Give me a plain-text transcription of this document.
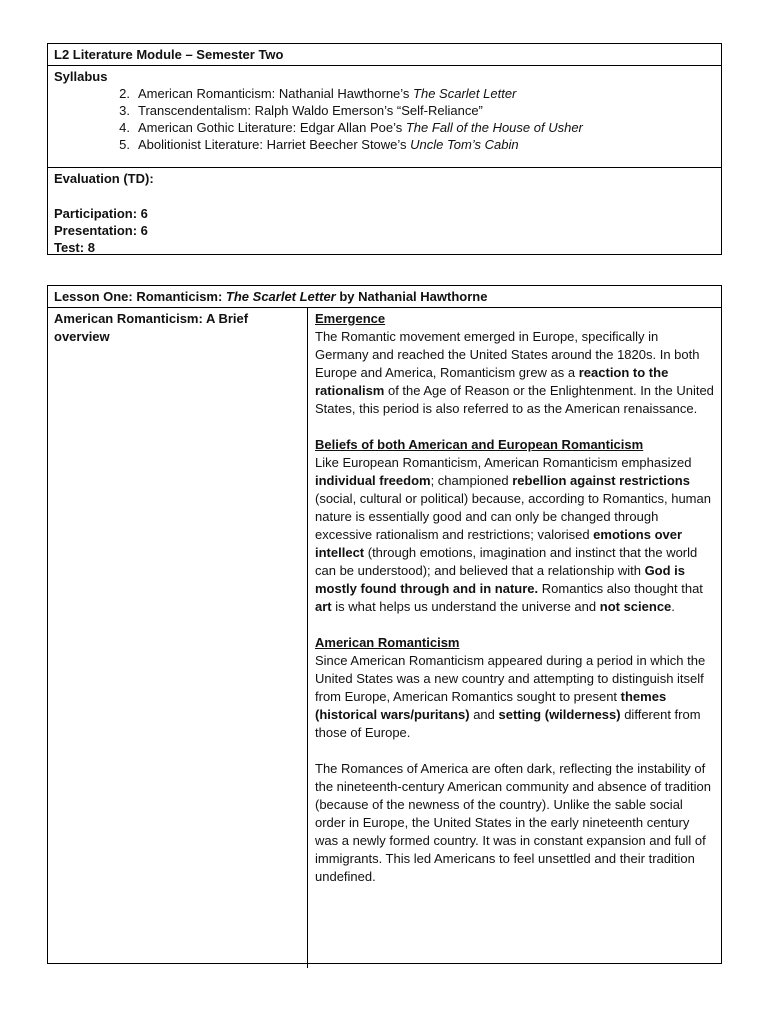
L2 Literature Module – Semester Two
Syllabus
2. American Romanticism: Nathanial Hawthorne’s The Scarlet Letter
3. Transcendentalism: Ralph Waldo Emerson’s “Self-Reliance”
4. American Gothic Literature: Edgar Allan Poe’s The Fall of the House of Usher
5. Abolitionist Literature: Harriet Beecher Stowe’s Uncle Tom’s Cabin
Evaluation (TD):
Participation: 6
Presentation: 6
Test: 8
Lesson One: Romanticism: The Scarlet Letter by Nathanial Hawthorne
American Romanticism: A Brief overview
Emergence

The Romantic movement emerged in Europe, specifically in Germany and reached the United States around the 1820s. In both Europe and America, Romanticism grew as a reaction to the rationalism of the Age of Reason or the Enlightenment. In the United States, this period is also referred to as the American renaissance.

Beliefs of both American and European Romanticism

Like European Romanticism, American Romanticism emphasized individual freedom; championed rebellion against restrictions (social, cultural or political) because, according to Romantics, human nature is essentially good and can only be changed through excessive rationalism and restrictions; valorised emotions over intellect (through emotions, imagination and instinct that the world can be understood); and believed that a relationship with God is mostly found through and in nature. Romantics also thought that art is what helps us understand the universe and not science.

American Romanticism

Since American Romanticism appeared during a period in which the United States was a new country and attempting to distinguish itself from Europe, American Romantics sought to present themes (historical wars/puritans) and setting (wilderness) different from those of Europe.

The Romances of America are often dark, reflecting the instability of the nineteenth-century American community and absence of tradition (because of the newness of the country). Unlike the sable social order in Europe, the United States in the early nineteenth century was a newly formed country. It was in constant expansion and full of immigrants. This led Americans to feel unsettled and their tradition undefined.
